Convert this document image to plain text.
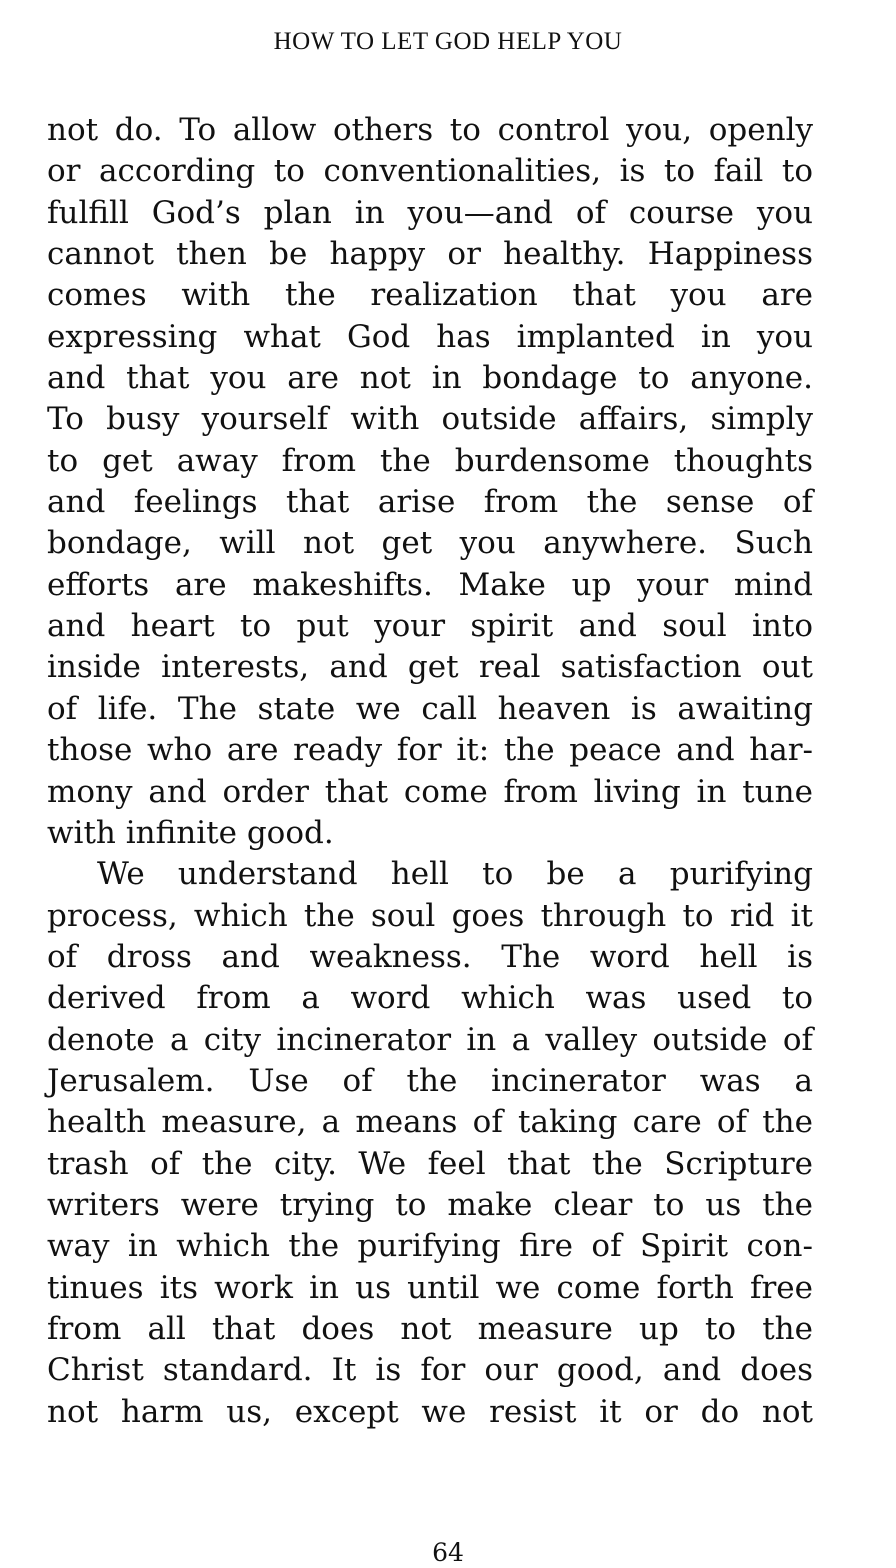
HOW TO LET GOD HELP YOU
not do. To allow others to control you, openly
or according to conventionalities, is to fail to
fulfill God’s plan in you—and of course you
cannot then be happy or healthy. Happiness
comes with the realization that you are
expressing what God has implanted in you
and that you are not in bondage to anyone.
To busy yourself with outside affairs, simply
to get away from the burdensome thoughts
and feelings that arise from the sense of
bondage, will not get you anywhere. Such
efforts are makeshifts. Make up your mind
and heart to put your spirit and soul into
inside interests, and get real satisfaction out
of life. The state we call heaven is awaiting
those who are ready for it: the peace and har-
mony and order that come from living in tune
with infinite good.
We understand hell to be a purifying
process, which the soul goes through to rid it
of dross and weakness. The word hell is
derived from a word which was used to
denote a city incinerator in a valley outside of
Jerusalem. Use of the incinerator was a
health measure, a means of taking care of the
trash of the city. We feel that the Scripture
writers were trying to make clear to us the
way in which the purifying fire of Spirit con-
tinues its work in us until we come forth free
from all that does not measure up to the
Christ standard. It is for our good, and does
not harm us, except we resist it or do not
64
